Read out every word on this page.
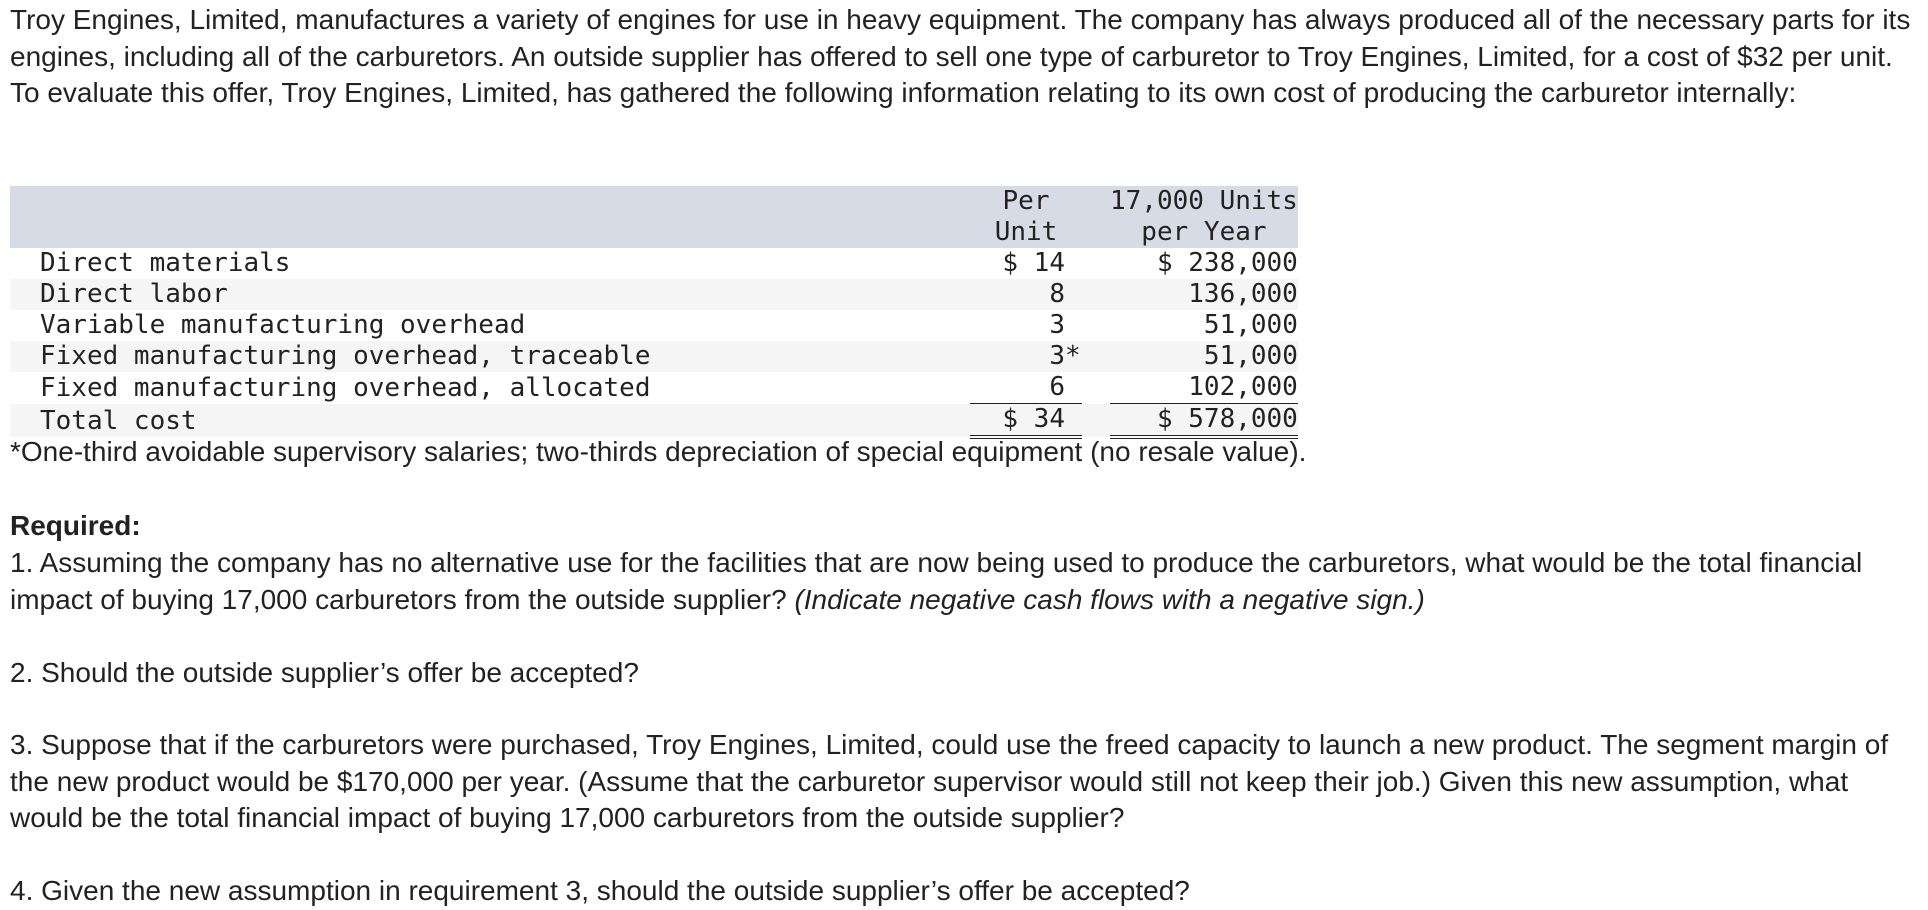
Troy Engines, Limited, manufactures a variety of engines for use in heavy equipment. The company has always produced all of the necessary parts for its engines, including all of the carburetors. An outside supplier has offered to sell one type of carburetor to Troy Engines, Limited, for a cost of $32 per unit. To evaluate this offer, Troy Engines, Limited, has gathered the following information relating to its own cost of producing the carburetor internally:

	Per		17,000 Units
	Unit		per Year
Direct materials	$ 14		$ 238,000
Direct labor	8		136,000
Variable manufacturing overhead	3		51,000
Fixed manufacturing overhead, traceable	3*		51,000
Fixed manufacturing overhead, allocated	6		102,000
Total cost	$ 34		$ 578,000

*One-third avoidable supervisory salaries; two-thirds depreciation of special equipment (no resale value).

Required:

1. Assuming the company has no alternative use for the facilities that are now being used to produce the carburetors, what would be the total financial impact of buying 17,000 carburetors from the outside supplier? (Indicate negative cash flows with a negative sign.)

2. Should the outside supplier’s offer be accepted?

3. Suppose that if the carburetors were purchased, Troy Engines, Limited, could use the freed capacity to launch a new product. The segment margin of the new product would be $170,000 per year. (Assume that the carburetor supervisor would still not keep their job.) Given this new assumption, what would be the total financial impact of buying 17,000 carburetors from the outside supplier?

4. Given the new assumption in requirement 3, should the outside supplier’s offer be accepted?
